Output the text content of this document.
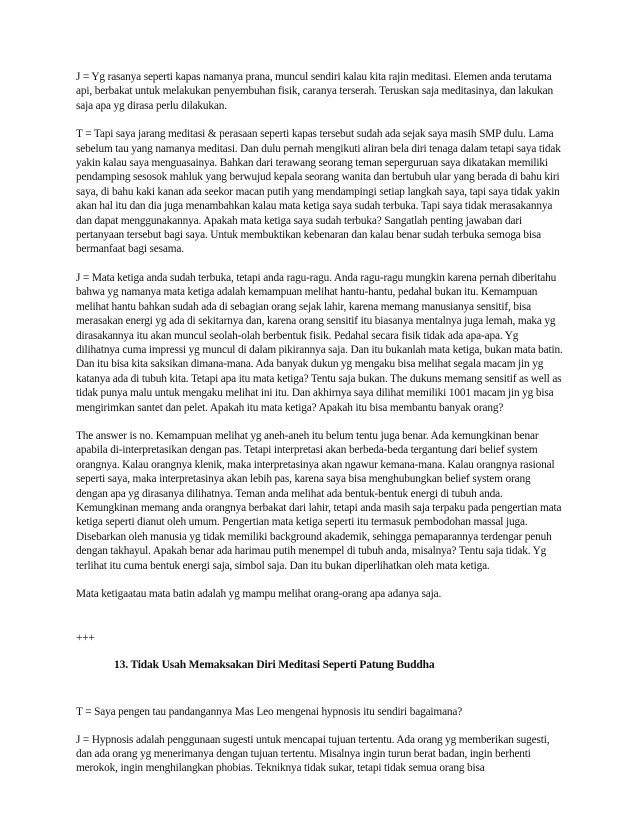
J = Yg rasanya seperti kapas namanya prana, muncul sendiri kalau kita rajin meditasi. Elemen anda terutama api, berbakat untuk melakukan penyembuhan fisik, caranya terserah. Teruskan saja meditasinya, dan lakukan saja apa yg dirasa perlu dilakukan.

T = Tapi saya jarang meditasi & perasaan seperti kapas tersebut sudah ada sejak saya masih SMP dulu. Lama sebelum tau yang namanya meditasi. Dan dulu pernah mengikuti aliran bela diri tenaga dalam tetapi saya tidak yakin kalau saya menguasainya. Bahkan dari terawang seorang teman seperguruan saya dikatakan memiliki pendamping sesosok mahluk yang berwujud kepala seorang wanita dan bertubuh ular yang berada di bahu kiri saya, di bahu kaki kanan ada seekor macan putih yang mendampingi setiap langkah saya, tapi saya tidak yakin akan hal itu dan dia juga menambahkan kalau mata ketiga saya sudah terbuka. Tapi saya tidak merasakannya dan dapat menggunakannya. Apakah mata ketiga saya sudah terbuka? Sangatlah penting jawaban dari pertanyaan tersebut bagi saya. Untuk membuktikan kebenaran dan kalau benar sudah terbuka semoga bisa bermanfaat bagi sesama.

J = Mata ketiga anda sudah terbuka, tetapi anda ragu-ragu. Anda ragu-ragu mungkin karena pernah diberitahu bahwa yg namanya mata ketiga adalah kemampuan melihat hantu-hantu, pedahal bukan itu. Kemampuan melihat hantu bahkan sudah ada di sebagian orang sejak lahir, karena memang manusianya sensitif, bisa merasakan energi yg ada di sekitarnya dan, karena orang sensitif itu biasanya mentalnya juga lemah, maka yg dirasakannya itu akan muncul seolah-olah berbentuk fisik. Pedahal secara fisik tidak ada apa-apa. Yg dilihatnya cuma impressi yg muncul di dalam pikirannya saja. Dan itu bukanlah mata ketiga, bukan mata batin. Dan itu bisa kita saksikan dimana-mana. Ada banyak dukun yg mengaku bisa melihat segala macam jin yg katanya ada di tubuh kita. Tetapi apa itu mata ketiga? Tentu saja bukan. The dukuns memang sensitif as well as tidak punya malu untuk mengaku melihat ini itu. Dan akhirnya saya dilihat memiliki 1001 macam jin yg bisa mengirimkan santet dan pelet. Apakah itu mata ketiga? Apakah itu bisa membantu banyak orang?

The answer is no. Kemampuan melihat yg aneh-aneh itu belum tentu juga benar. Ada kemungkinan benar apabila di-interpretasikan dengan pas. Tetapi interpretasi akan berbeda-beda tergantung dari belief system orangnya. Kalau orangnya klenik, maka interpretasinya akan ngawur kemana-mana. Kalau orangnya rasional seperti saya, maka interpretasinya akan lebih pas, karena saya bisa menghubungkan belief system orang dengan apa yg dirasanya dilihatnya. Teman anda melihat ada bentuk-bentuk energi di tubuh anda. Kemungkinan memang anda orangnya berbakat dari lahir, tetapi anda masih saja terpaku pada pengertian mata ketiga seperti dianut oleh umum. Pengertian mata ketiga seperti itu termasuk pembodohan massal juga. Disebarkan oleh manusia yg tidak memiliki background akademik, sehingga pemaparannya terdengar penuh dengan takhayul. Apakah benar ada harimau putih menempel di tubuh anda, misalnya? Tentu saja tidak. Yg terlihat itu cuma bentuk energi saja, simbol saja. Dan itu bukan diperlihatkan oleh mata ketiga.

Mata ketigaatau mata batin adalah yg mampu melihat orang-orang apa adanya saja.

+++

13. Tidak Usah Memaksakan Diri Meditasi Seperti Patung Buddha

T = Saya pengen tau pandangannya Mas Leo mengenai hypnosis itu sendiri bagaimana?

J = Hypnosis adalah penggunaan sugesti untuk mencapai tujuan tertentu. Ada orang yg memberikan sugesti, dan ada orang yg menerimanya dengan tujuan tertentu. Misalnya ingin turun berat badan, ingin berhenti merokok, ingin menghilangkan phobias. Tekniknya tidak sukar, tetapi tidak semua orang bisa
